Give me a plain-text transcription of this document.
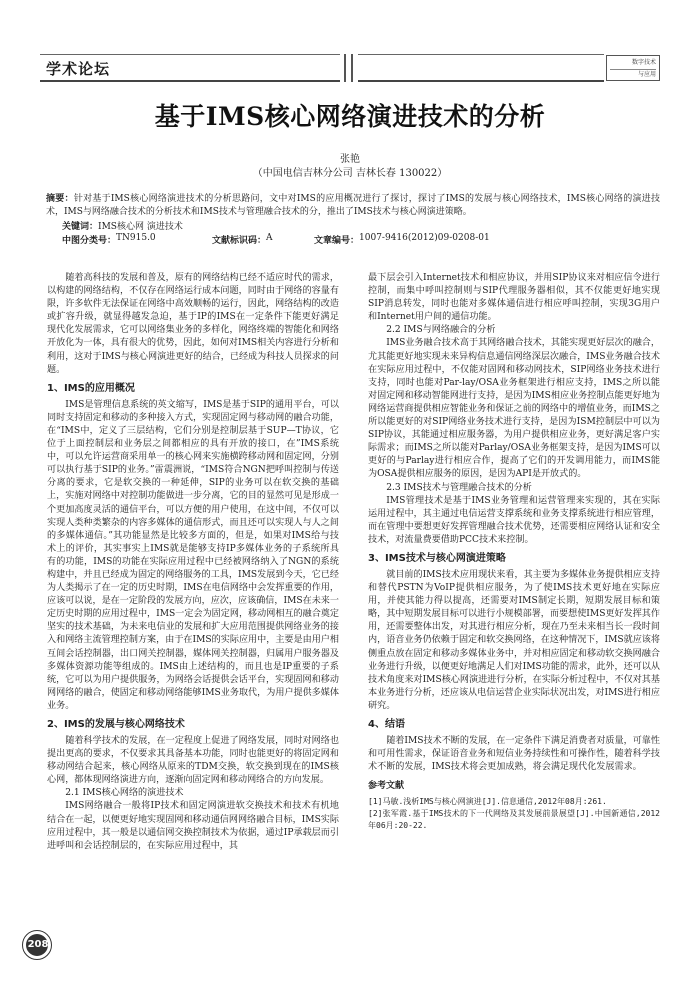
学术论坛	数字技术
与应用
基于IMS核心网络演进技术的分析
张艳
（中国电信吉林分公司 吉林长春 130022）
摘要：针对基于IMS核心网络演进技术的分析思路问，文中对IMS的应用概况进行了探讨，探讨了IMS的发展与核心网络技术，IMS核心网络的演进技术，IMS与网络融合技术的分析技术和IMS技术与管理融合技术的分，推出了IMS技术与核心网演进策略。
关键词：IMS核心网 演进技术
中图分类号： TN915.0	文献标识码： A	文章编号： 1007-9416(2012)09-0208-01

随着高科技的发展和普及，原有的网络结构已经不适应时代的需求，以构建的网络结构，不仅存在网络运行成本问题，同时由于网络的容量有限，许多软件无法保证在网络中高效顺畅的运行，因此，网络结构的改造或扩容升级，就显得越发急迫，基于IP的IMS在一定条件下能更好满足现代化发展需求，它可以网络集业务的多样化，网络终端的智能化和网络开放化为一体，具有很大的优势，因此，如何对IMS相关内容进行分析和利用，这对于IMS与核心网演进更好的结合，已经成为科技人员探求的问题。

1、IMS的应用概况

IMS是管理信息系统的英文缩写，IMS是基于SIP的通用平台，可以同时支持固定和移动的多种接入方式，实现固定网与移动网的融合功能，在“IMS中，定义了三层结构，它们分别是控制层基于SUP—T协议，它位于上面控制层和业务层之间都相应的具有开放的接口，在”IMS系统中，可以允许运营商采用单一的核心网来实施横跨移动网和固定网，分别可以执行基于SIP的业务。”雷震洲说，“IMS符合NGN把呼叫控制与传送分离的要求，它是软交换的一种延伸，SIP的业务可以在软交换的基础上，实施对网络中对控制功能做进一步分离，它的目的显然可见是形成一个更加高度灵活的通信平台，可以方便的用户使用，在这中间，不仅可以实现人类种类繁杂的内容多媒体的通信形式，而且还可以实现人与人之间的多媒体通信。”其功能显然是比较多方面的，但是，如果对IMS给与技术上的评价，其实事实上IMS就是能够支持IP多媒体业务的子系统所具有的功能，IMS的功能在实际应用过程中已经被网络纳入了NGN的系统构建中，并且已经成为固定的网络服务的工具，IMS发展到今天，它已经为人类揭示了在一定的历史时期，IMS在电信网络中会发挥重要的作用，应该可以说，是在一定阶段的发展方向，应次，应该确信，IMS在未来一定历史时期的应用过程中，IMS一定会为固定网，移动网相互的融合奠定坚实的技术基础，为未来电信业的发展和扩大应用范围提供网络业务的接入和网络主流管理控制方案，由于在IMS的实际应用中，主要是由用户相互间会话控制器，出口网关控制器，媒体网关控制器，归属用户服务器及多媒体资源功能等组成的。IMS由上述结构的，而且也是IP重要的子系统，它可以为用户提供服务，为网络会话提供会话平台，实现固网和移动网网络的融合，使固定和移动网络能够IMS业务取代，为用户提供多媒体业务。

2、IMS的发展与核心网络技术

随着科学技术的发展，在一定程度上促进了网络发展，同时对网络也提出更高的要求，不仅要求其具备基本功能，同时也能更好的将固定网和移动网结合起来，核心网络从原来的TDM交换，软交换到现在的IMS核心网，都体现网络演进方向，逐渐向固定网和移动网络合的方向发展。

2.1 IMS核心网络的演进技术

IMS网络融合一般将IP技术和固定网演进软交换技术和技术有机地结合在一起，以便更好地实现固网和移动通信网网络融合目标，IMS实际应用过程中，其一般是以通信网交换控制技术为依据，通过IP承载层而引进呼叫和会话控制层的，在实际应用过程中，其

最下层会引入Internet技术和相应协议，并用SIP协议来对相应信令进行控制，而集中呼叫控制则与SIP代理服务器相似，其不仅能更好地实现SIP消息转发，同时也能对多媒体通信进行相应呼叫控制，实现3G用户和Internet用户间的通信功能。

2.2 IMS与网络融合的分析

IMS业务融合技术高于其网络融合技术，其能实现更好层次的融合，尤其能更好地实现未来异构信息通信网络深层次融合，IMS业务融合技术在实际应用过程中，不仅能对固网和移动网技术，SIP网络业务技术进行支持，同时也能对Par-lay/OSA业务框架进行相应支持，IMS之所以能对固定网和移动智能网进行支持，是因为IMS相应业务控制点能更好地为网络运营商提供相应智能业务和保证之前的网络中的增值业务，而IMS之所以能更好的对SIP网络业务技术进行支持，是因为ISM控制层中可以为SIP协议，其能通过相应服务器，为用户提供相应业务，更好满足客户实际需求；而IMS之所以能对Parlay/OSA业务框架支持，是因为IMS可以更好的与Parlay进行相应合作，提高了它们的开发调用能力，而IMS能为OSA提供相应服务的原因，是因为API是开放式的。

2.3 IMS技术与管理融合技术的分析

IMS管理技术是基于IMS业务管理和运营管理来实现的，其在实际运用过程中，其主通过电信运营支撑系统和业务支撑系统进行相应管理，而在管理中要想更好发挥管理融合技术优势，还需要相应网络认证和安全技术，对流量费要借助PCC技术来控制。

3、IMS技术与核心网演进策略

就目前的IMS技术应用现状来看，其主要为多媒体业务提供相应支持和替代PSTN为VoIP提供相应服务，为了使IMS技术更好地在实际应用，并使其能力得以提高，还需要对IMS制定长期，短期发展目标和策略，其中短期发展目标可以进行小规模部署，而要想使IMS更好发挥其作用，还需要整体出发，对其进行相应分析，现在乃至未来相当长一段时间内，语音业务仍依赖于固定和软交换网络，在这种情况下，IMS就应该将侧重点放在固定和移动多媒体业务中，并对相应固定和移动软交换网融合业务进行升级，以便更好地满足人们对IMS功能的需求，此外，还可以从技术角度来对IMS核心网演进进行分析，在实际分析过程中，不仅对其基本业务进行分析，还应该从电信运营企业实际状况出发，对IMS进行相应研究。

4、结语

随着IMS技术不断的发展，在一定条件下满足消费者对质量，可靠性和可用性需求，保证语音业务和短信业务持续性和可操作性，随着科学技术不断的发展，IMS技术将会更加成熟，将会满足现代化发展需求。

参考文献
[1]马敏.浅析IMS与核心网演进[J].信息通信,2012年08月:261.
[2]张军霞.基于IMS技术的下一代网络及其发展前景展望[J].中国新通信,2012年06月:20-22.
208
